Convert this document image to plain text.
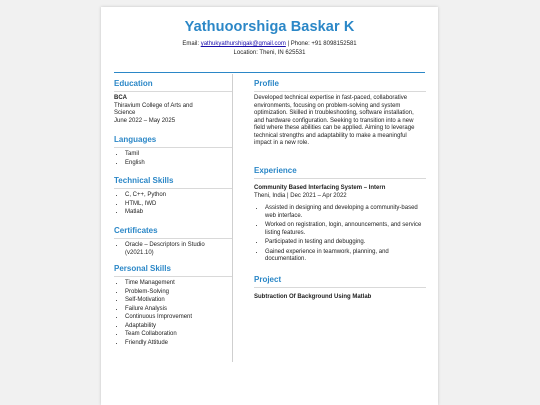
Yathuoorshiga Baskar K
Email: yathukyathurshigak@gmail.com | Phone: +91 8098152581
Location: Theni, IN 625531
Education
BCA
Thiravium College of Arts and Science
June 2022 – May 2025
Languages
• Tamil
• English
Technical Skills
• C, C++, Python
• HTML, IWD
• Matlab
Certificates
• Oracle – Descriptors in Studio (v2021.10)
Personal Skills
• Time Management
• Problem-Solving
• Self-Motivation
• Failure Analysis
• Continuous Improvement
• Adaptability
• Team Collaboration
• Friendly Attitude
Profile
Developed technical expertise in fast-paced, collaborative environments, focusing on problem-solving and system optimization. Skilled in troubleshooting, software installation, and hardware configuration. Seeking to transition into a new field where these abilities can be applied. Aiming to leverage technical strengths and adaptability to make a meaningful impact in a new role.
Experience
Community Based Interfacing System – Intern
Theni, India | Dec 2021 – Apr 2022
• Assisted in designing and developing a community-based web interface.
• Worked on registration, login, announcements, and service listing features.
• Participated in testing and debugging.
• Gained experience in teamwork, planning, and documentation.
Project
Subtraction Of Background Using Matlab
